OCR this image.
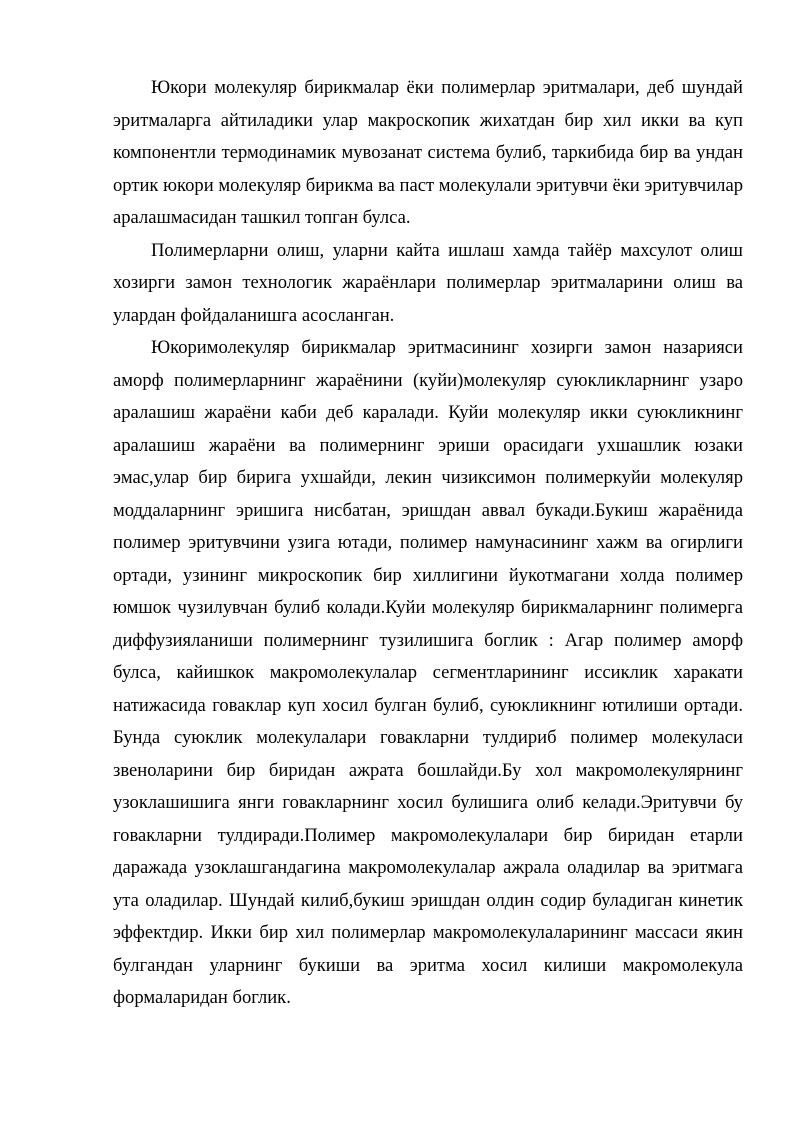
Юкори молекуляр бирикмалар ёки полимерлар эритмалари, деб шундай эритмаларга айтиладики улар макроскопик жихатдан бир хил икки ва куп компонентли термодинамик мувозанат система булиб, таркибида бир ва ундан ортик юкори молекуляр бирикма ва паст молекулали эритувчи ёки эритувчилар аралашмасидан ташкил топган булса.

Полимерларни олиш, уларни кайта ишлаш хамда тайёр махсулот олиш хозирги замон технологик жараёнлари полимерлар эритмаларини олиш ва улардан фойдаланишга асосланган.

Юкоримолекуляр бирикмалар эритмасининг хозирги замон назарияси аморф полимерларнинг жараёнини (куйи)молекуляр суюкликларнинг узаро аралашиш жараёни каби деб каралади. Куйи молекуляр икки суюкликнинг аралашиш жараёни ва полимернинг эриши орасидаги ухшашлик юзаки эмас,улар бир бирига ухшайди, лекин чизиксимон полимеркуйи молекуляр моддаларнинг эришига нисбатан, эришдан аввал букади.Букиш жараёнида полимер эритувчини узига ютади, полимер намунасининг хажм ва огирлиги ортади, узининг микроскопик бир хиллигини йукотмагани холда полимер юмшок чузилувчан булиб колади.Куйи молекуляр бирикмаларнинг полимерга диффузияланиши полимернинг тузилишига боглик : Агар полимер аморф булса, кайишкок макромолекулалар сегментларининг иссиклик харакати натижасида говаклар куп хосил булган булиб, суюкликнинг ютилиши ортади. Бунда суюклик молекулалари говакларни тулдириб полимер молекуласи звеноларини бир биридан ажрата бошлайди.Бу хол макромолекулярнинг узоклашишига янги говакларнинг хосил булишига олиб келади.Эритувчи бу говакларни тулдиради.Полимер макромолекулалари бир биридан етарли даражада узоклашгандагина макромолекулалар ажрала оладилар ва эритмага ута оладилар. Шундай килиб,букиш эришдан олдин содир буладиган кинетик эффектдир. Икки бир хил полимерлар макромолекулаларининг массаси якин булгандан уларнинг букиши ва эритма хосил килиши макромолекула формаларидан боглик.
